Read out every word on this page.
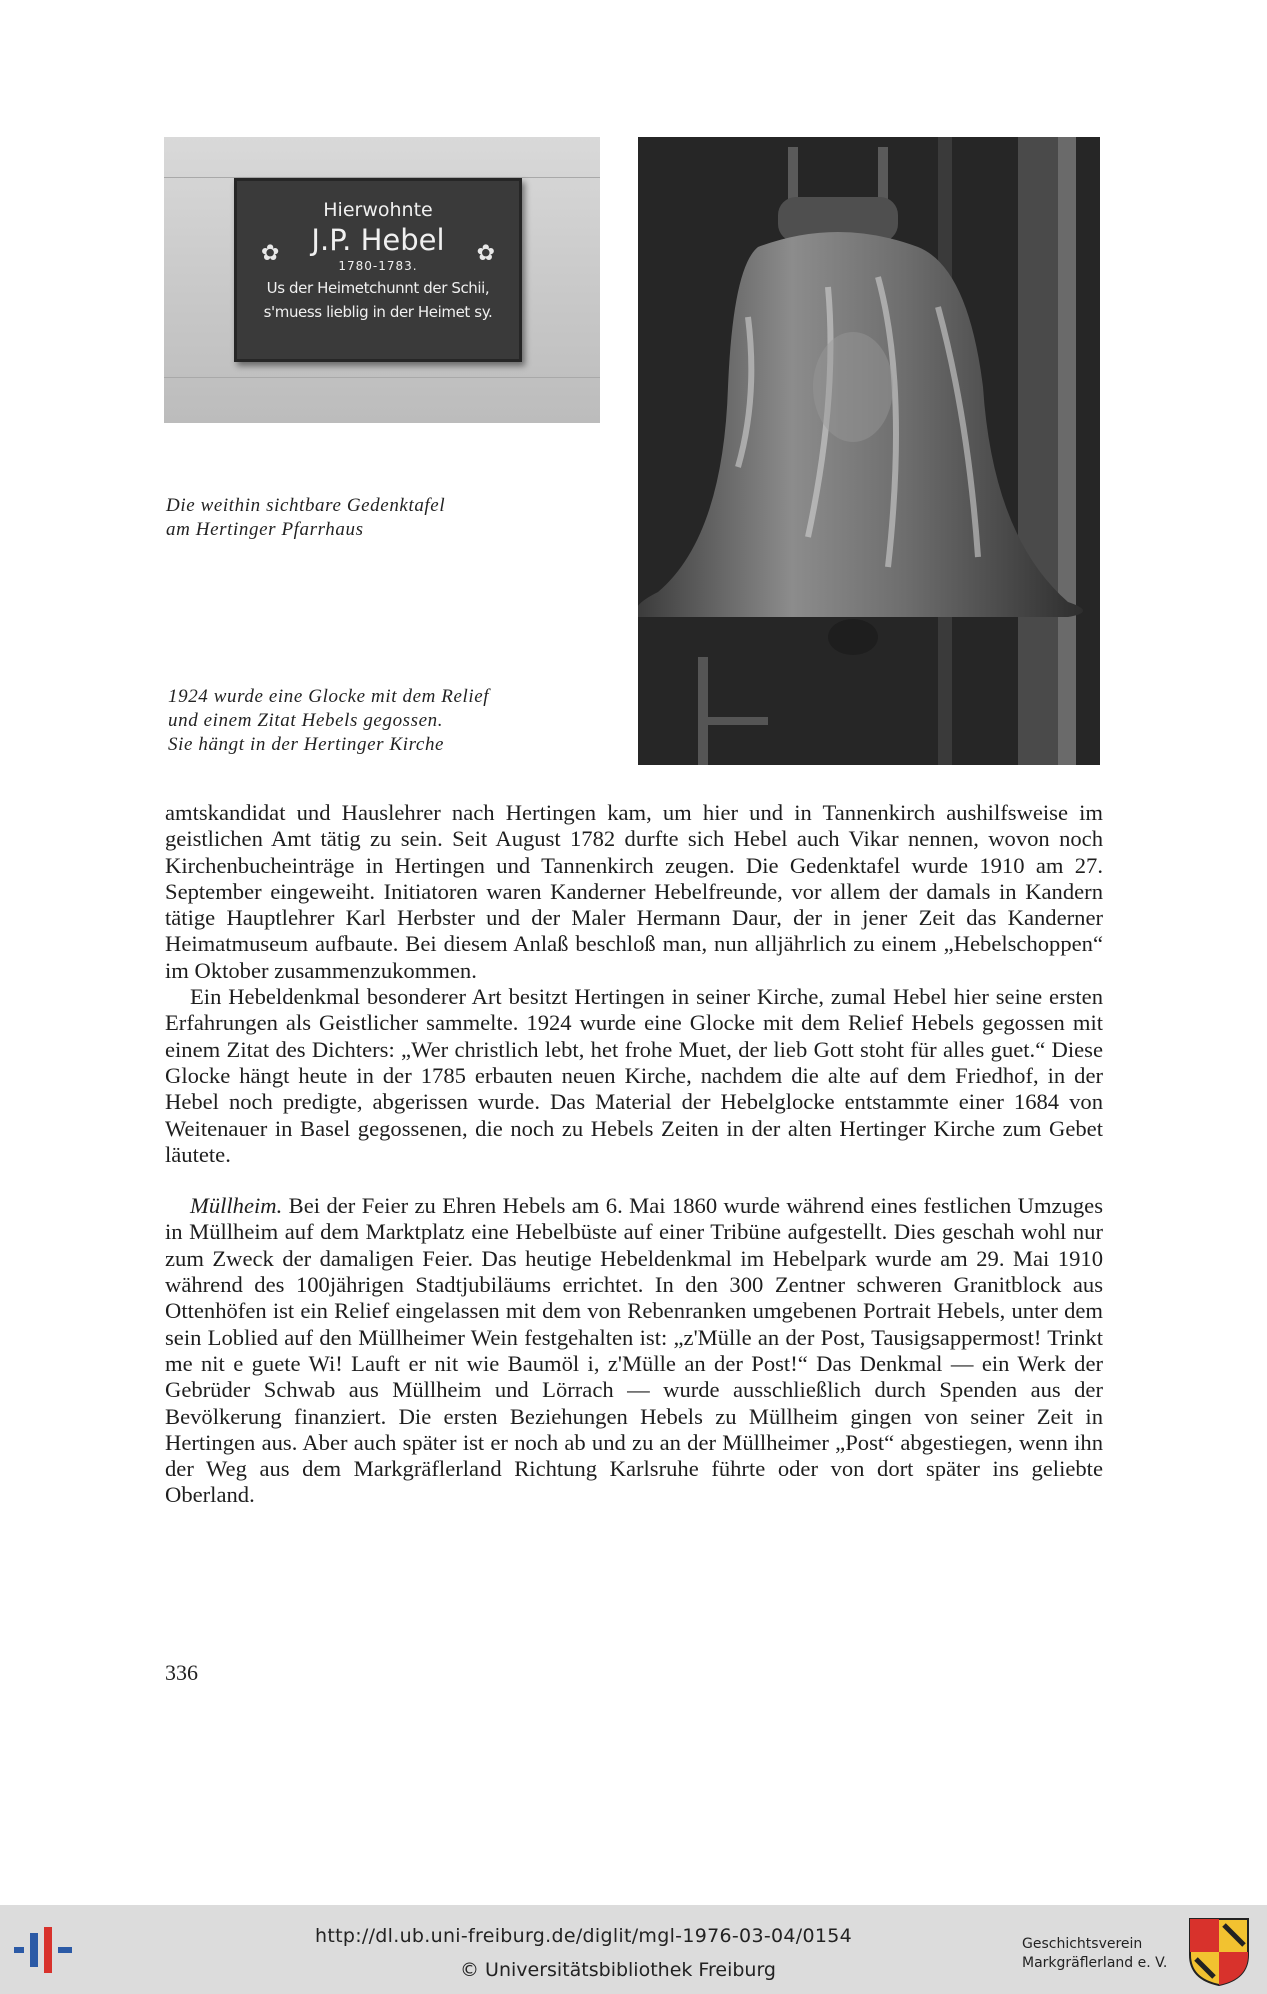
✿	✿
Hierwohnte
J.P. Hebel
1780-1783.
Us der Heimetchunnt der Schii,
s'muess lieblig in der Heimet sy.
Die weithin sichtbare Gedenktafel
am Hertinger Pfarrhaus
1924 wurde eine Glocke mit dem Relief
und einem Zitat Hebels gegossen.
Sie hängt in der Hertinger Kirche

amtskandidat und Hauslehrer nach Hertingen kam, um hier und in Tannenkirch aushilfsweise im geistlichen Amt tätig zu sein. Seit August 1782 durfte sich Hebel auch Vikar nennen, wovon noch Kirchenbucheinträge in Hertingen und Tannenkirch zeugen. Die Gedenktafel wurde 1910 am 27. September eingeweiht. Initiatoren waren Kanderner Hebelfreunde, vor allem der damals in Kandern tätige Hauptlehrer Karl Herbster und der Maler Hermann Daur, der in jener Zeit das Kanderner Heimatmuseum aufbaute. Bei diesem Anlaß beschloß man, nun alljährlich zu einem „Hebelschoppen“ im Oktober zusammenzukommen.

Ein Hebeldenkmal besonderer Art besitzt Hertingen in seiner Kirche, zumal Hebel hier seine ersten Erfahrungen als Geistlicher sammelte. 1924 wurde eine Glocke mit dem Relief Hebels gegossen mit einem Zitat des Dichters: „Wer christlich lebt, het frohe Muet, der lieb Gott stoht für alles guet.“ Diese Glocke hängt heute in der 1785 erbauten neuen Kirche, nachdem die alte auf dem Friedhof, in der Hebel noch predigte, abgerissen wurde. Das Material der Hebelglocke entstammte einer 1684 von Weitenauer in Basel gegossenen, die noch zu Hebels Zeiten in der alten Hertinger Kirche zum Gebet läutete.

Müllheim. Bei der Feier zu Ehren Hebels am 6. Mai 1860 wurde während eines festlichen Umzuges in Müllheim auf dem Marktplatz eine Hebelbüste auf einer Tribüne aufgestellt. Dies geschah wohl nur zum Zweck der damaligen Feier. Das heutige Hebeldenkmal im Hebelpark wurde am 29. Mai 1910 während des 100jährigen Stadtjubiläums errichtet. In den 300 Zentner schweren Granitblock aus Ottenhöfen ist ein Relief eingelassen mit dem von Rebenranken umgebenen Portrait Hebels, unter dem sein Loblied auf den Müllheimer Wein festgehalten ist: „z'Mülle an der Post, Tausigsappermost! Trinkt me nit e guete Wi! Lauft er nit wie Baumöl i, z'Mülle an der Post!“ Das Denkmal — ein Werk der Gebrüder Schwab aus Müllheim und Lörrach — wurde ausschließlich durch Spenden aus der Bevölkerung finanziert. Die ersten Beziehungen Hebels zu Müllheim gingen von seiner Zeit in Hertingen aus. Aber auch später ist er noch ab und zu an der Müllheimer „Post“ abgestiegen, wenn ihn der Weg aus dem Markgräflerland Richtung Karlsruhe führte oder von dort später ins geliebte Oberland.

336
http://dl.ub.uni-freiburg.de/diglit/mgl-1976-03-04/0154
© Universitätsbibliothek Freiburg
Geschichtsverein
Markgräflerland e. V.
